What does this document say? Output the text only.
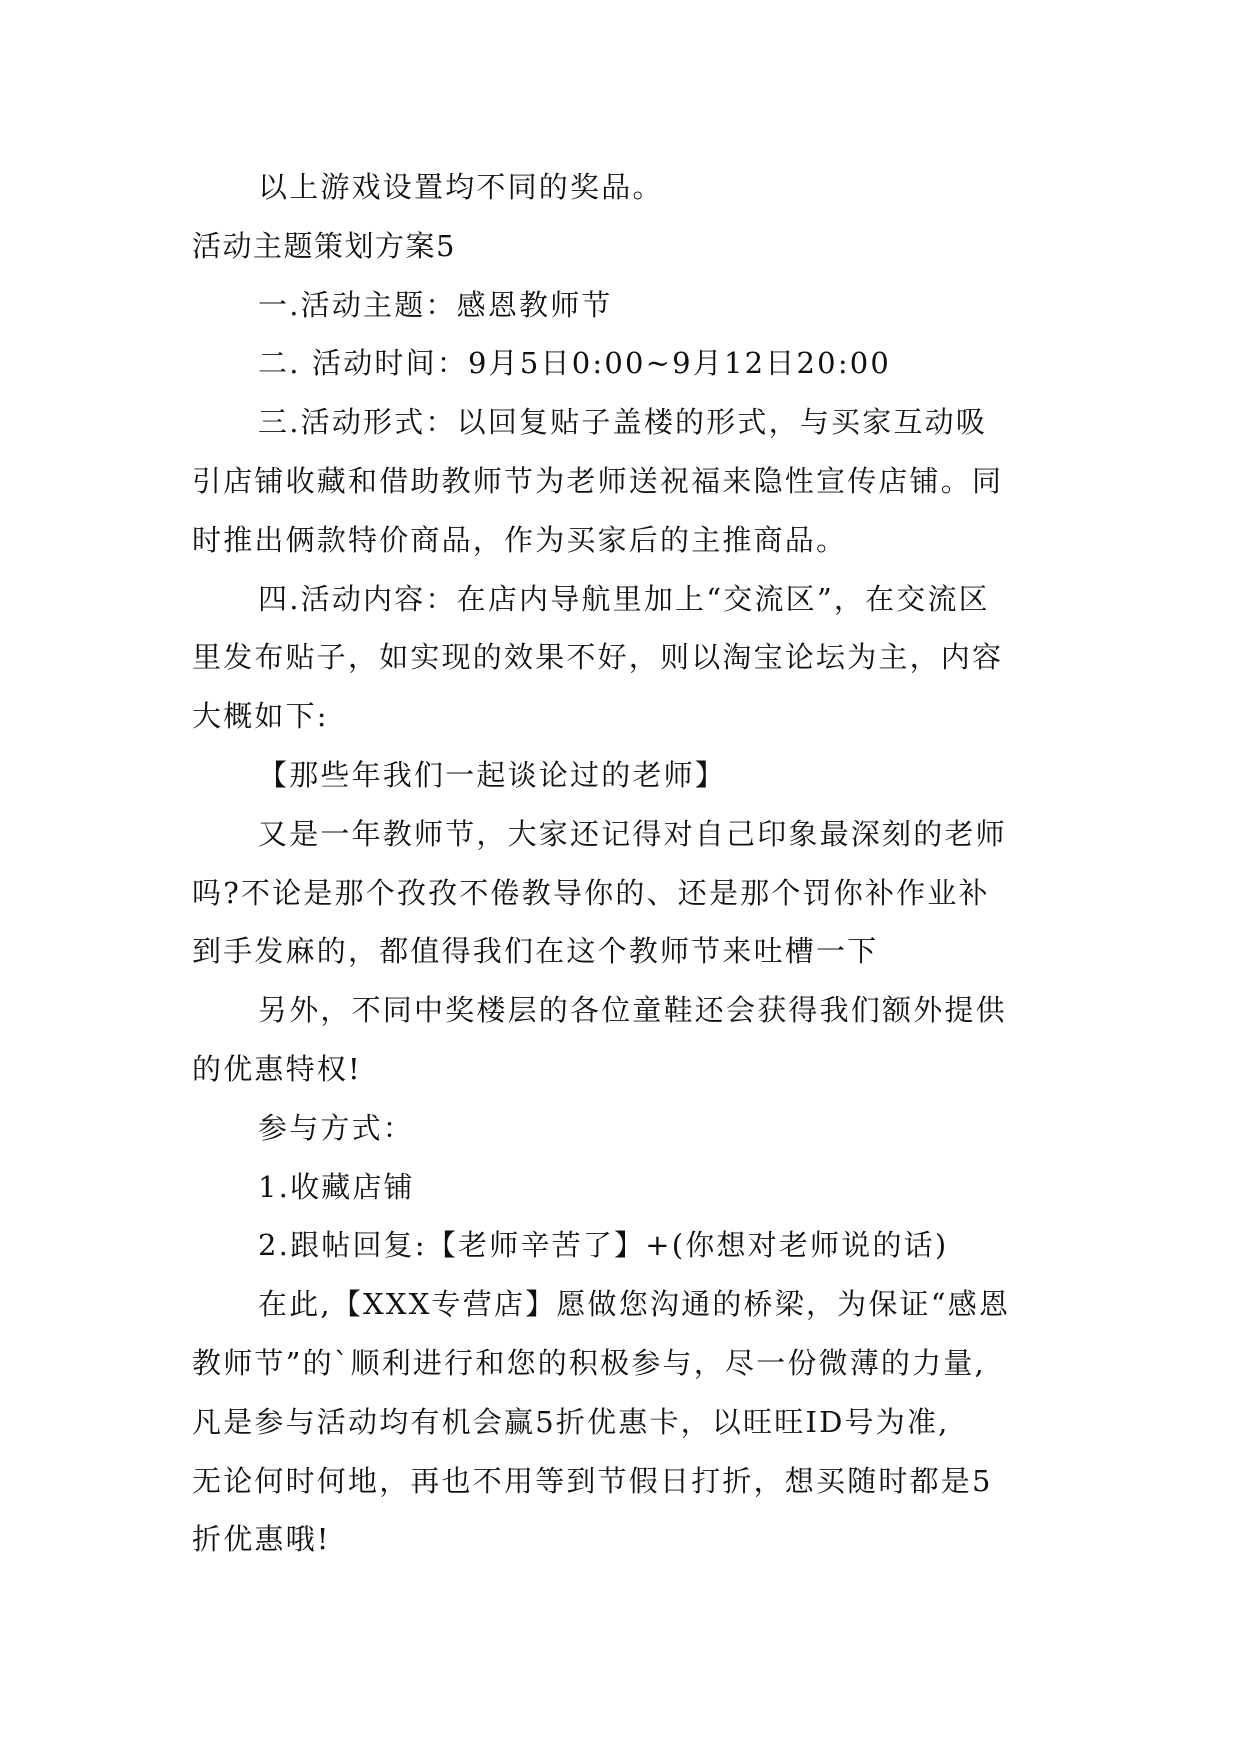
以上游戏设置均不同的奖品。

活动主题策划方案5

一.活动主题：感恩教师节

二. 活动时间：9月5日0:00~9月12日20:00

三.活动形式：以回复贴子盖楼的形式，与买家互动吸

引店铺收藏和借助教师节为老师送祝福来隐性宣传店铺。同

时推出俩款特价商品，作为买家后的主推商品。

四.活动内容：在店内导航里加上“交流区”，在交流区

里发布贴子，如实现的效果不好，则以淘宝论坛为主，内容

大概如下:

【那些年我们一起谈论过的老师】

又是一年教师节，大家还记得对自己印象最深刻的老师

吗?不论是那个孜孜不倦教导你的、还是那个罚你补作业补

到手发麻的，都值得我们在这个教师节来吐槽一下

另外，不同中奖楼层的各位童鞋还会获得我们额外提供

的优惠特权!

参与方式：

1.收藏店铺

2.跟帖回复:【老师辛苦了】+(你想对老师说的话)

在此,【XXX专营店】愿做您沟通的桥梁，为保证“感恩

教师节”的`顺利进行和您的积极参与，尽一份微薄的力量,

凡是参与活动均有机会赢5折优惠卡，以旺旺ID号为准,

无论何时何地，再也不用等到节假日打折，想买随时都是5

折优惠哦!
